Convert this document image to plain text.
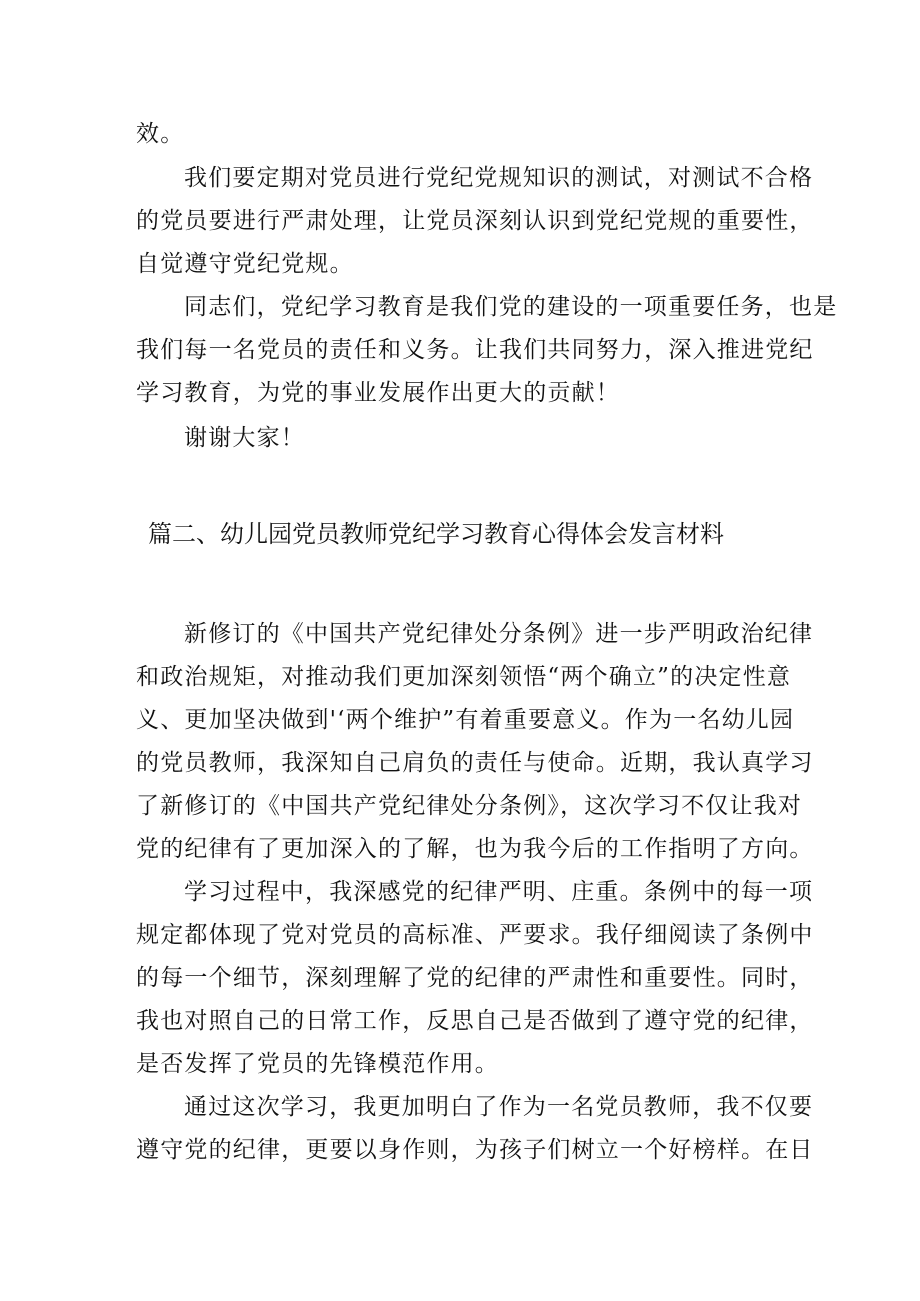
效。
我们要定期对党员进行党纪党规知识的测试，对测试不合格
的党员要进行严肃处理，让党员深刻认识到党纪党规的重要性，
自觉遵守党纪党规。
同志们，党纪学习教育是我们党的建设的一项重要任务，也是
我们每一名党员的责任和义务。让我们共同努力，深入推进党纪
学习教育，为党的事业发展作出更大的贡献！
谢谢大家！
篇二、幼儿园党员教师党纪学习教育心得体会发言材料
新修订的《中国共产党纪律处分条例》进一步严明政治纪律
和政治规矩，对推动我们更加深刻领悟“两个确立”的决定性意
义、更加坚决做到'‘两个维护”有着重要意义。作为一名幼儿园
的党员教师，我深知自己肩负的责任与使命。近期，我认真学习
了新修订的《中国共产党纪律处分条例》，这次学习不仅让我对
党的纪律有了更加深入的了解，也为我今后的工作指明了方向。
学习过程中，我深感党的纪律严明、庄重。条例中的每一项
规定都体现了党对党员的高标准、严要求。我仔细阅读了条例中
的每一个细节，深刻理解了党的纪律的严肃性和重要性。同时，
我也对照自己的日常工作，反思自己是否做到了遵守党的纪律，
是否发挥了党员的先锋模范作用。
通过这次学习，我更加明白了作为一名党员教师，我不仅要
遵守党的纪律，更要以身作则，为孩子们树立一个好榜样。在日
